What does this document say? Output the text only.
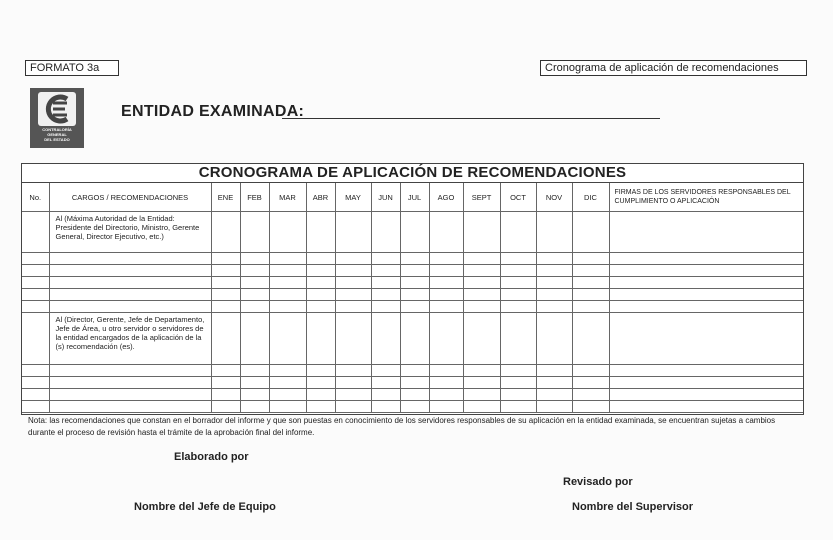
FORMATO 3a	Cronograma de aplicación de recomendaciones
CONTRALORÍA
GENERAL
DEL ESTADO
ENTIDAD EXAMINADA:
CRONOGRAMA DE APLICACIÓN DE RECOMENDACIONES
No.	CARGOS / RECOMENDACIONES	ENE	FEB	MAR	ABR	MAY	JUN	JUL	AGO	SEPT	OCT	NOV	DIC	FIRMAS DE LOS SERVIDORES RESPONSABLES DEL CUMPLIMIENTO O APLICACIÓN
	Al (Máxima Autoridad de la Entidad: Presidente del Directorio, Ministro, Gerente General, Director Ejecutivo, etc.)													

	Al (Director, Gerente, Jefe de Departamento, Jefe de Área, u otro servidor o servidores de la entidad encargados de la aplicación de la (s) recomendación (es).													

Nota: las recomendaciones que constan en el borrador del informe y que son puestas en conocimiento de los servidores responsables de su aplicación en la entidad examinada, se encuentran sujetas a cambios durante el proceso de revisión hasta el trámite de la aprobación final del informe.
Elaborado por
Revisado por
Nombre del Jefe de Equipo	Nombre del Supervisor
